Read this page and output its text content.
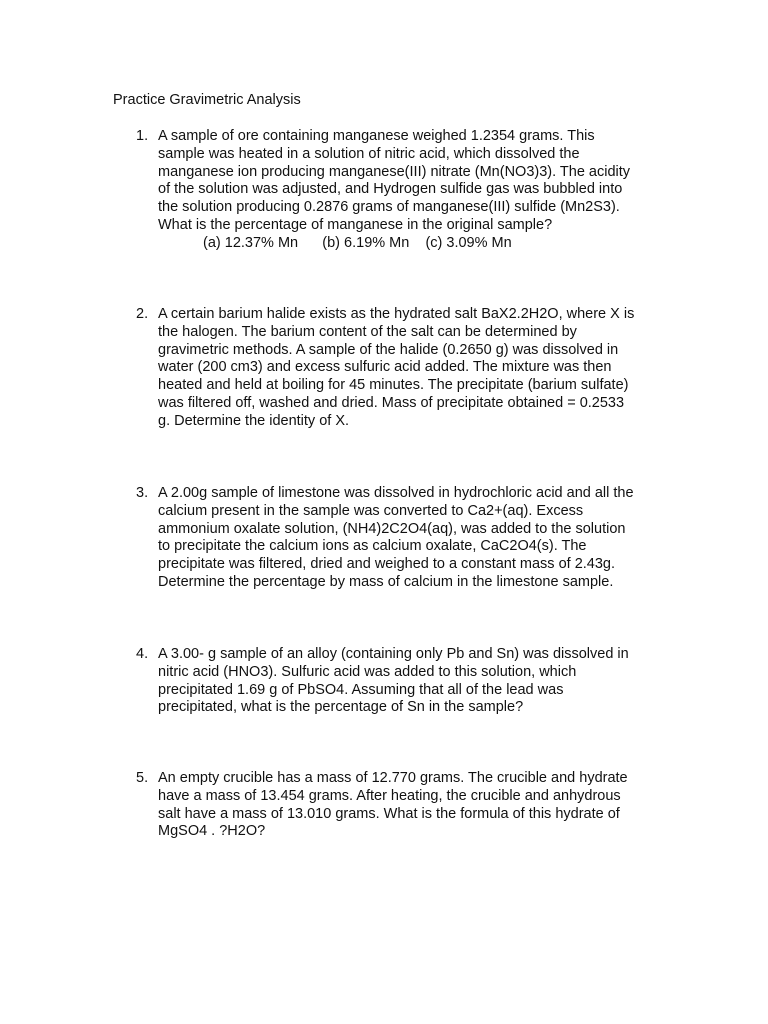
Practice Gravimetric Analysis
1. A sample of ore containing manganese weighed 1.2354 grams. This
sample was heated in a solution of nitric acid, which dissolved the
manganese ion producing manganese(III) nitrate (Mn(NO3)3). The acidity
of the solution was adjusted, and Hydrogen sulfide gas was bubbled into
the solution producing 0.2876 grams of manganese(III) sulfide (Mn2S3).
What is the percentage of manganese in the original sample?
(a) 12.37% Mn (b) 6.19% Mn (c) 3.09% Mn
2. A certain barium halide exists as the hydrated salt BaX2.2H2O, where X is
the halogen. The barium content of the salt can be determined by
gravimetric methods. A sample of the halide (0.2650 g) was dissolved in
water (200 cm3) and excess sulfuric acid added. The mixture was then
heated and held at boiling for 45 minutes. The precipitate (barium sulfate)
was filtered off, washed and dried. Mass of precipitate obtained = 0.2533
g. Determine the identity of X.
3. A 2.00g sample of limestone was dissolved in hydrochloric acid and all the
calcium present in the sample was converted to Ca2+(aq). Excess
ammonium oxalate solution, (NH4)2C2O4(aq), was added to the solution
to precipitate the calcium ions as calcium oxalate, CaC2O4(s). The
precipitate was filtered, dried and weighed to a constant mass of 2.43g.
Determine the percentage by mass of calcium in the limestone sample.
4. A 3.00- g sample of an alloy (containing only Pb and Sn) was dissolved in
nitric acid (HNO3). Sulfuric acid was added to this solution, which
precipitated 1.69 g of PbSO4. Assuming that all of the lead was
precipitated, what is the percentage of Sn in the sample?
5. An empty crucible has a mass of 12.770 grams. The crucible and hydrate
have a mass of 13.454 grams. After heating, the crucible and anhydrous
salt have a mass of 13.010 grams. What is the formula of this hydrate of
MgSO4 . ?H2O?
